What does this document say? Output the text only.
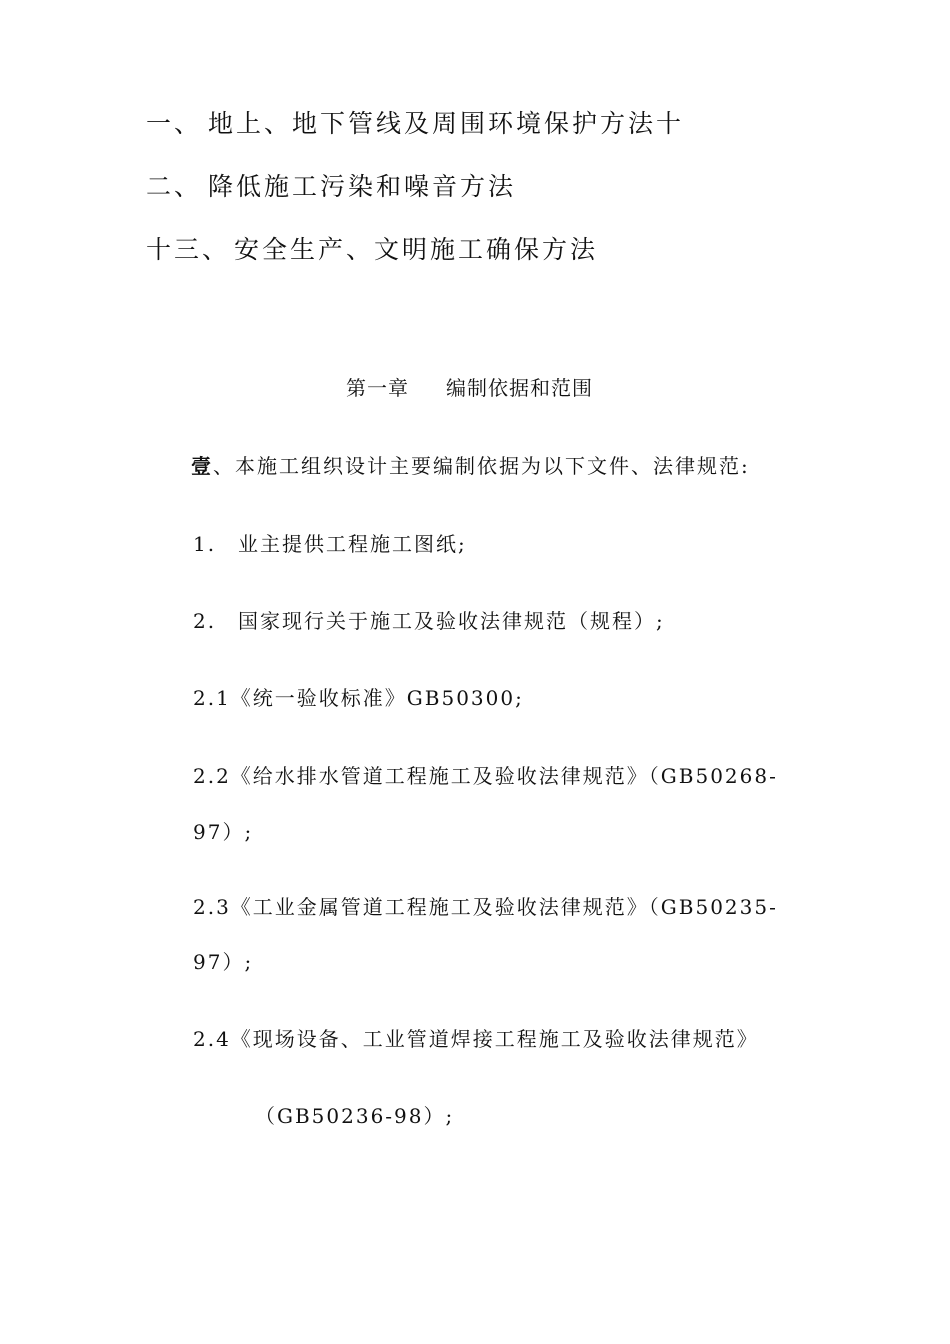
一、 地上、地下管线及周围环境保护方法十
二、 降低施工污染和噪音方法
十三、 安全生产、文明施工确保方法
第一章 编制依据和范围
壹、本施工组织设计主要编制依据为以下文件、法律规范:
1. 业主提供工程施工图纸;
2. 国家现行关于施工及验收法律规范（规程）;
2.1《统一验收标准》GB50300;
2.2《给水排水管道工程施工及验收法律规范》（GB50268-
97）;
2.3《工业金属管道工程施工及验收法律规范》（GB50235-
97）;
2.4《现场设备、工业管道焊接工程施工及验收法律规范》
（GB50236-98）;
